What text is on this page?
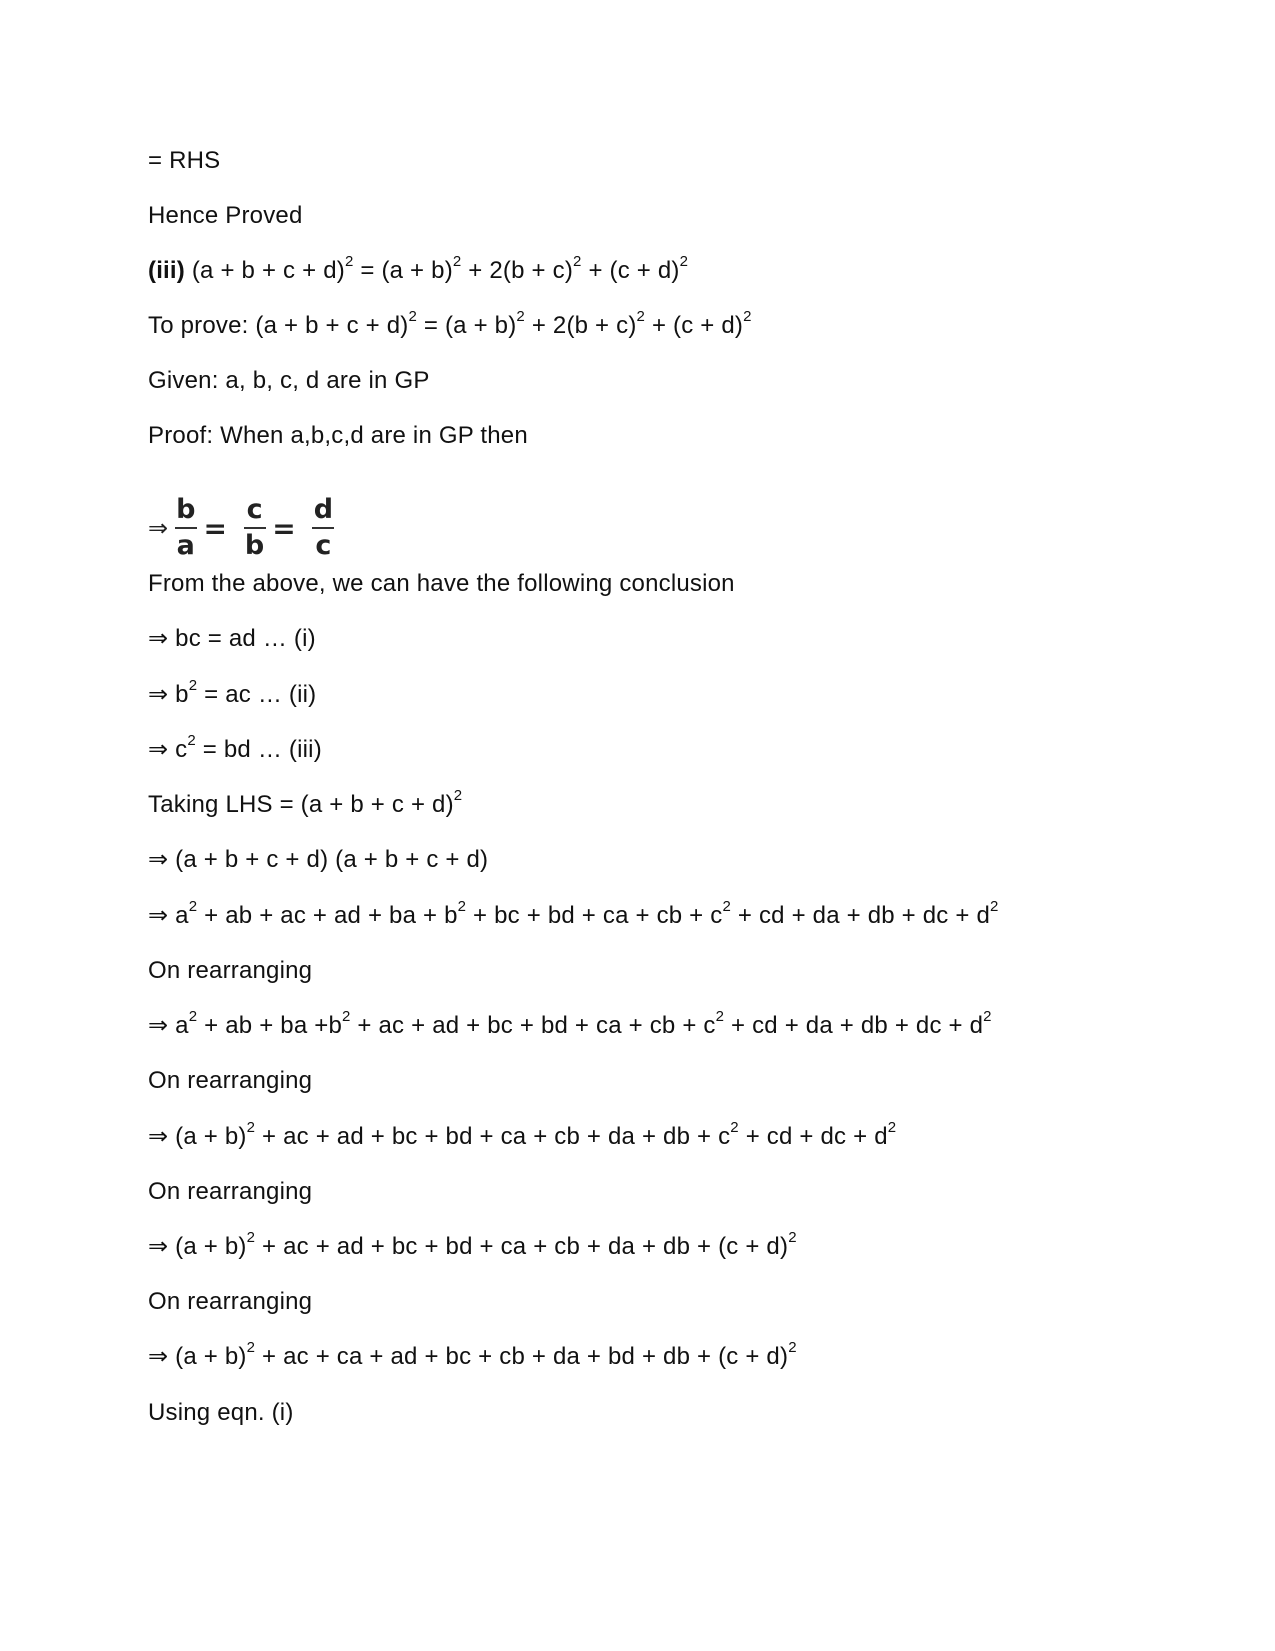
= RHS
Hence Proved
(iii) $(a + b + c + d)^2 = (a + b)^2 + 2(b + c)^2 + (c + d)^2$
To prove: $(a + b + c + d)^2 = (a + b)^2 + 2(b + c)^2 + (c + d)^2$
Given: a, b, c, d are in GP
Proof: When a,b,c,d are in GP then
⇒ $\frac{b}{a} = \frac{c}{b} = \frac{d}{c}$
From the above, we can have the following conclusion
⇒ bc = ad … (i)
⇒ $b^2$ = ac … (ii)
⇒ $c^2$ = bd … (iii)
Taking LHS = $(a + b + c + d)^2$
⇒ (a + b + c + d) (a + b + c + d)
⇒ $a^2$ + ab + ac + ad + ba + $b^2$ + bc + bd + ca + cb + $c^2$ + cd + da + db + dc + $d^2$
On rearranging
⇒ $a^2$ + ab + ba $+b^2$ + ac + ad + bc + bd + ca + cb + $c^2$ + cd + da + db + dc + $d^2$
On rearranging
⇒ $(a + b)^2$ + ac + ad + bc + bd + ca + cb + da + db + $c^2$ + cd + dc + $d^2$
On rearranging
⇒ $(a + b)^2$ + ac + ad + bc + bd + ca + cb + da + db + $(c + d)^2$
On rearranging
⇒ $(a + b)^2$ + ac + ca + ad + bc + cb + da + bd + db + $(c + d)^2$
Using eqn. (i)
